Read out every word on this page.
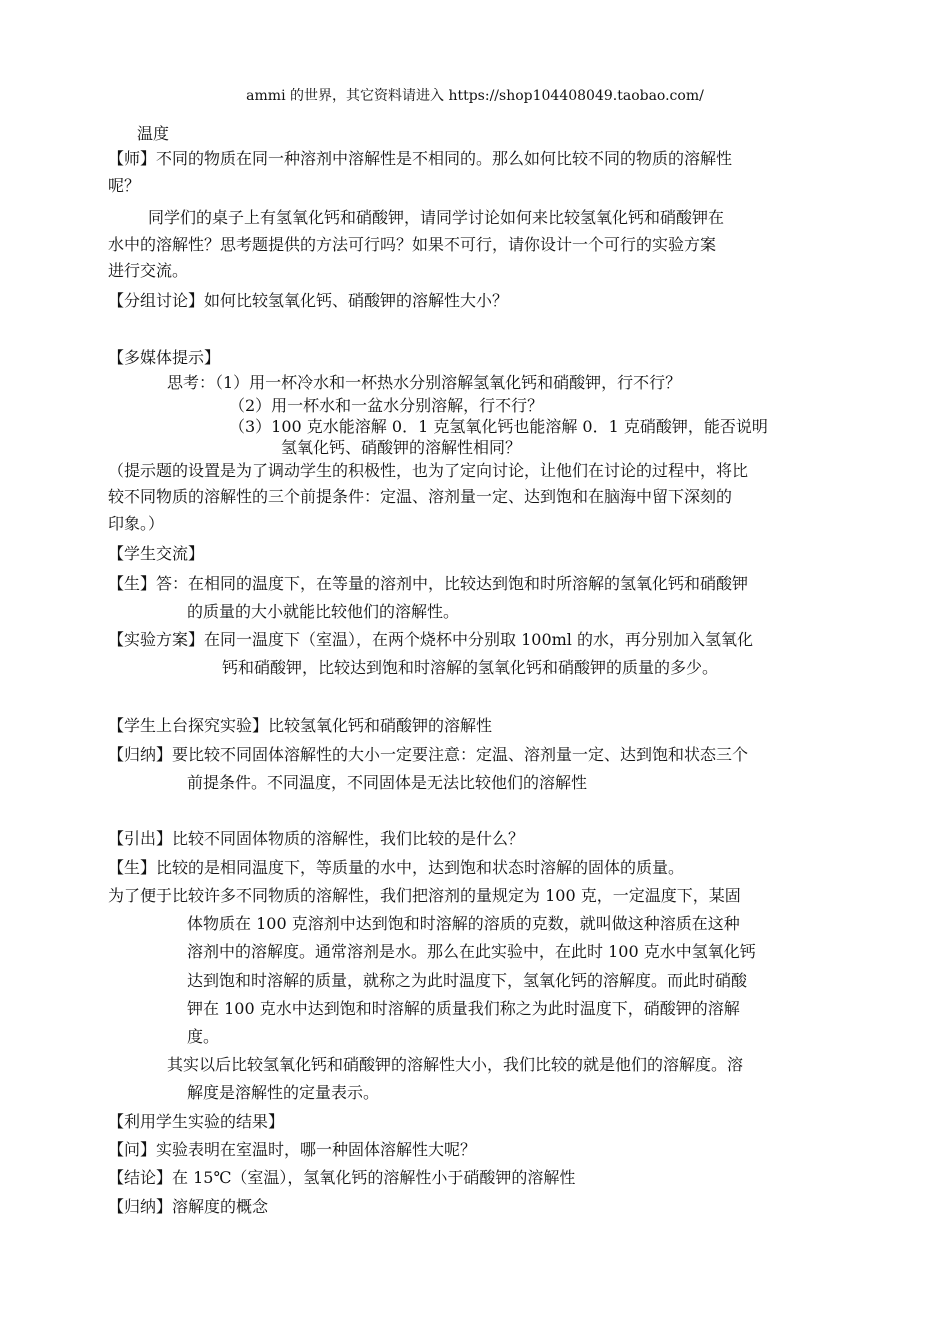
ammi 的世界，其它资料请进入 https://shop104408049.taobao.com/
温度
【师】不同的物质在同一种溶剂中溶解性是不相同的。那么如何比较不同的物质的溶解性
呢？
同学们的桌子上有氢氧化钙和硝酸钾，请同学讨论如何来比较氢氧化钙和硝酸钾在
水中的溶解性？思考题提供的方法可行吗？如果不可行，请你设计一个可行的实验方案
进行交流。
【分组讨论】如何比较氢氧化钙、硝酸钾的溶解性大小？
【多媒体提示】
思考：（1）用一杯冷水和一杯热水分别溶解氢氧化钙和硝酸钾，行不行？
（2）用一杯水和一盆水分别溶解，行不行？
（3）100 克水能溶解 0．1 克氢氧化钙也能溶解 0．1 克硝酸钾，能否说明
氢氧化钙、硝酸钾的溶解性相同？
（提示题的设置是为了调动学生的积极性，也为了定向讨论，让他们在讨论的过程中，将比
较不同物质的溶解性的三个前提条件：定温、溶剂量一定、达到饱和在脑海中留下深刻的
印象。）
【学生交流】
【生】答：在相同的温度下，在等量的溶剂中，比较达到饱和时所溶解的氢氧化钙和硝酸钾
的质量的大小就能比较他们的溶解性。
【实验方案】在同一温度下（室温），在两个烧杯中分别取 100ml 的水，再分别加入氢氧化
钙和硝酸钾，比较达到饱和时溶解的氢氧化钙和硝酸钾的质量的多少。
【学生上台探究实验】比较氢氧化钙和硝酸钾的溶解性
【归纳】要比较不同固体溶解性的大小一定要注意：定温、溶剂量一定、达到饱和状态三个
前提条件。不同温度，不同固体是无法比较他们的溶解性
【引出】比较不同固体物质的溶解性，我们比较的是什么？
【生】比较的是相同温度下，等质量的水中，达到饱和状态时溶解的固体的质量。
为了便于比较许多不同物质的溶解性，我们把溶剂的量规定为 100 克，一定温度下，某固
体物质在 100 克溶剂中达到饱和时溶解的溶质的克数，就叫做这种溶质在这种
溶剂中的溶解度。通常溶剂是水。那么在此实验中，在此时 100 克水中氢氧化钙
达到饱和时溶解的质量，就称之为此时温度下，氢氧化钙的溶解度。而此时硝酸
钾在 100 克水中达到饱和时溶解的质量我们称之为此时温度下，硝酸钾的溶解
度。
其实以后比较氢氧化钙和硝酸钾的溶解性大小，我们比较的就是他们的溶解度。溶
解度是溶解性的定量表示。
【利用学生实验的结果】
【问】实验表明在室温时，哪一种固体溶解性大呢？
【结论】在 15℃（室温），氢氧化钙的溶解性小于硝酸钾的溶解性
【归纳】溶解度的概念
